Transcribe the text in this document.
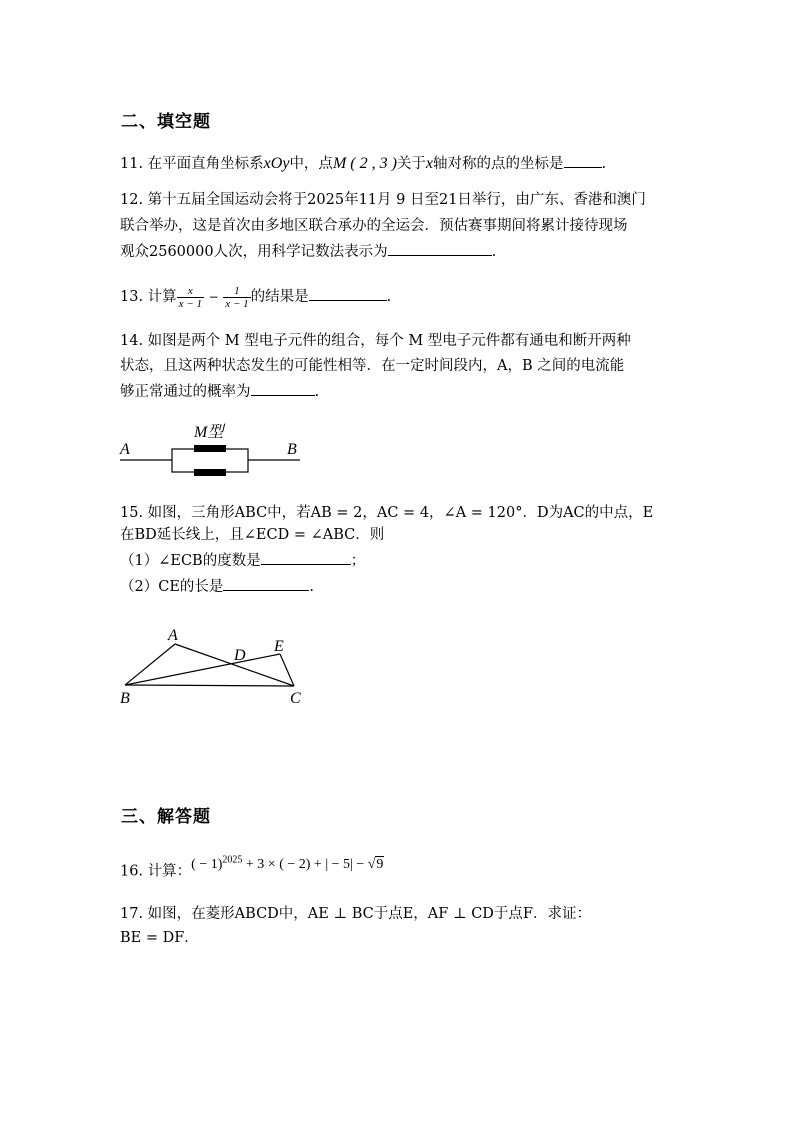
二、填空题
11. 在平面直角坐标系xOy中，点M ( 2 , 3 )关于x轴对称的点的坐标是	.
12. 第十五届全国运动会将于2025年11月 9 日至21日举行，由广东、香港和澳门
联合举办，这是首次由多地区联合承办的全运会．预估赛事期间将累计接待现场
观众2560000人次，用科学记数法表示为	.
13. 计算 $\frac{x}{x - 1} - \frac{1}{x - 1}$ 的结果是	.
14. 如图是两个 M 型电子元件的组合，每个 M 型电子元件都有通电和断开两种
状态，且这两种状态发生的可能性相等．在一定时间段内，A，B 之间的电流能
够正常通过的概率为	.
A	B
M型
15. 如图，三角形ABC中，若AB = 2，AC = 4，∠A = 120°．D为AC的中点，E
在BD延长线上，且∠ECD = ∠ABC．则
（1）∠ECB的度数是	；
（2）CE的长是	.
A
B	C
D
E
三、解答题
16. 计算：( − 1)$^{2025}$ + 3 × ( − 2) + | − 5| − √9
17. 如图，在菱形ABCD中，AE ⊥ BC于点E，AF ⊥ CD于点F．求证：
BE = DF．
